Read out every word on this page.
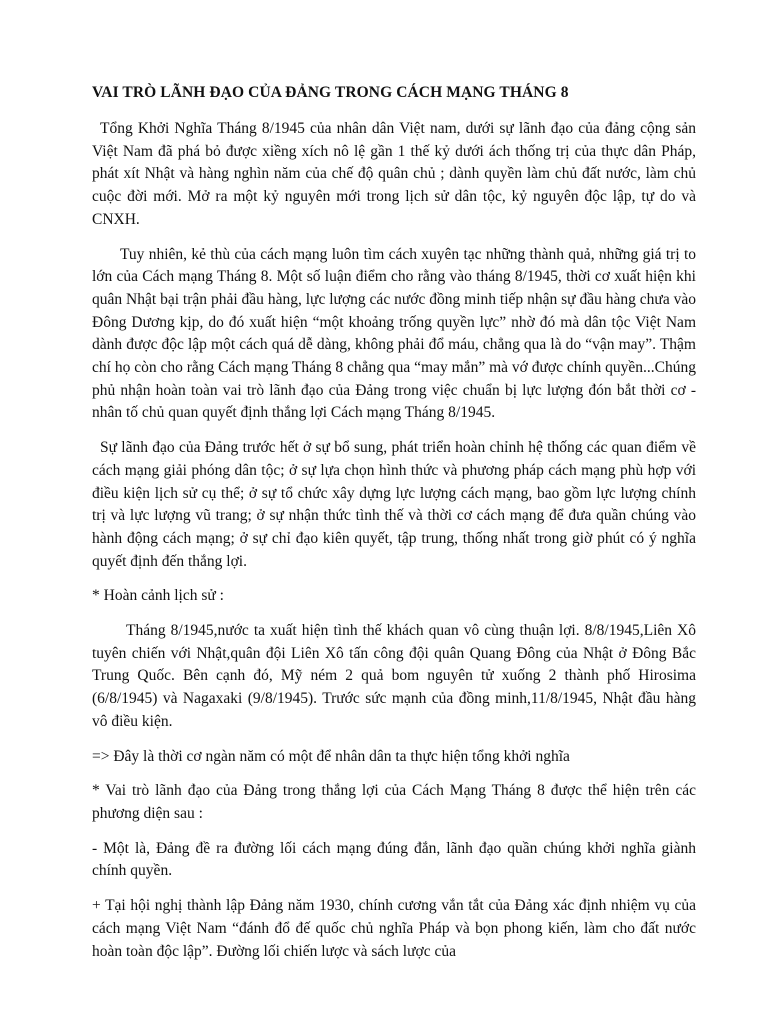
VAI TRÒ LÃNH ĐẠO CỦA ĐẢNG TRONG CÁCH MẠNG THÁNG 8

Tổng Khởi Nghĩa Tháng 8/1945 của nhân dân Việt nam, dưới sự lãnh đạo của đảng cộng sản Việt Nam đã phá bỏ được xiềng xích nô lệ gần 1 thế kỷ dưới ách thống trị của thực dân Pháp, phát xít Nhật và hàng nghìn năm của chế độ quân chủ ; dành quyền làm chủ đất nước, làm chủ cuộc đời mới. Mở ra một kỷ nguyên mới trong lịch sử dân tộc, kỷ nguyên độc lập, tự do và CNXH.

Tuy nhiên, kẻ thù của cách mạng luôn tìm cách xuyên tạc những thành quả, những giá trị to lớn của Cách mạng Tháng 8. Một số luận điểm cho rằng vào tháng 8/1945, thời cơ xuất hiện khi quân Nhật bại trận phải đầu hàng, lực lượng các nước đồng minh tiếp nhận sự đầu hàng chưa vào Đông Dương kịp, do đó xuất hiện “một khoảng trống quyền lực” nhờ đó mà dân tộc Việt Nam dành được độc lập một cách quá dễ dàng, không phải đổ máu, chẳng qua là do “vận may”. Thậm chí họ còn cho rằng Cách mạng Tháng 8 chẳng qua “may mắn” mà vớ được chính quyền...Chúng phủ nhận hoàn toàn vai trò lãnh đạo của Đảng trong việc chuẩn bị lực lượng đón bắt thời cơ - nhân tố chủ quan quyết định thắng lợi Cách mạng Tháng 8/1945.

Sự lãnh đạo của Đảng trước hết ở sự bổ sung, phát triển hoàn chỉnh hệ thống các quan điểm về cách mạng giải phóng dân tộc; ở sự lựa chọn hình thức và phương pháp cách mạng phù hợp với điều kiện lịch sử cụ thể; ở sự tổ chức xây dựng lực lượng cách mạng, bao gồm lực lượng chính trị và lực lượng vũ trang; ở sự nhận thức tình thế và thời cơ cách mạng để đưa quần chúng vào hành động cách mạng; ở sự chỉ đạo kiên quyết, tập trung, thống nhất trong giờ phút có ý nghĩa quyết định đến thắng lợi.

* Hoàn cảnh lịch sử :

Tháng 8/1945,nước ta xuất hiện tình thế khách quan vô cùng thuận lợi. 8/8/1945,Liên Xô tuyên chiến với Nhật,quân đội Liên Xô tấn công đội quân Quang Đông của Nhật ở Đông Bắc Trung Quốc. Bên cạnh đó, Mỹ ném 2 quả bom nguyên tử xuống 2 thành phố Hirosima (6/8/1945) và Nagaxaki (9/8/1945). Trước sức mạnh của đồng minh,11/8/1945, Nhật đầu hàng vô điều kiện.

=> Đây là thời cơ ngàn năm có một để nhân dân ta thực hiện tổng khởi nghĩa

* Vai trò lãnh đạo của Đảng trong thắng lợi của Cách Mạng Tháng 8 được thể hiện trên các phương diện sau :

- Một là, Đảng đề ra đường lối cách mạng đúng đắn, lãnh đạo quần chúng khởi nghĩa giành chính quyền.

+ Tại hội nghị thành lập Đảng năm 1930, chính cương vắn tắt của Đảng xác định nhiệm vụ của cách mạng Việt Nam “đánh đổ đế quốc chủ nghĩa Pháp và bọn phong kiến, làm cho đất nước hoàn toàn độc lập”. Đường lối chiến lược và sách lược của
